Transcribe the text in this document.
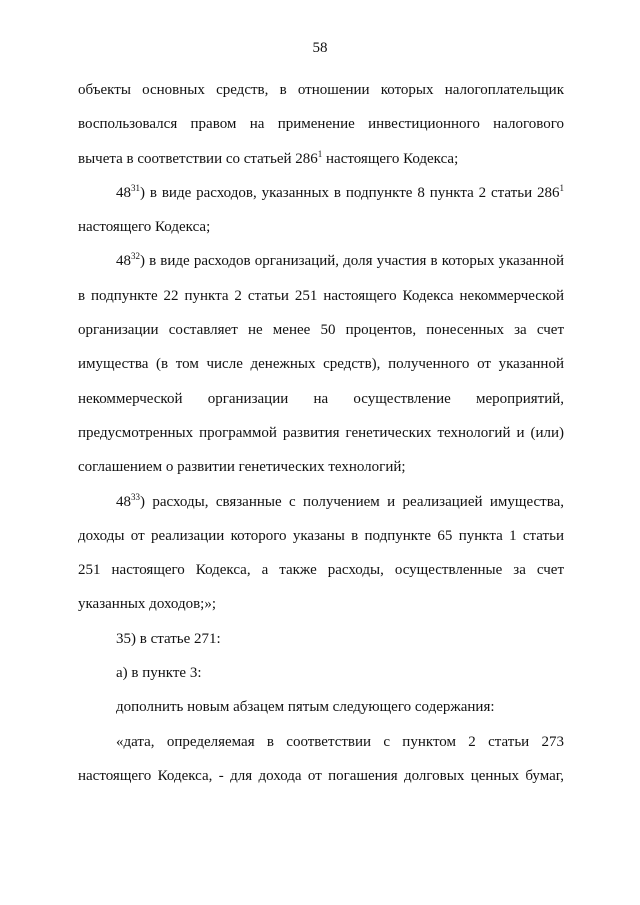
58

объекты основных средств, в отношении которых налогоплательщик воспользовался правом на применение инвестиционного налогового вычета в соответствии со статьей $286^1$ настоящего Кодекса;

$48^{31}$) в виде расходов, указанных в подпункте 8 пункта 2 статьи $286^1$ настоящего Кодекса;

$48^{32}$) в виде расходов организаций, доля участия в которых указанной в подпункте 22 пункта 2 статьи 251 настоящего Кодекса некоммерческой организации составляет не менее 50 процентов, понесенных за счет имущества (в том числе денежных средств), полученного от указанной некоммерческой организации на осуществление мероприятий, предусмотренных программой развития генетических технологий и (или) соглашением о развитии генетических технологий;

$48^{33}$) расходы, связанные с получением и реализацией имущества, доходы от реализации которого указаны в подпункте 65 пункта 1 статьи 251 настоящего Кодекса, а также расходы, осуществленные за счет указанных доходов;»;

35) в статье 271:

а) в пункте 3:

дополнить новым абзацем пятым следующего содержания:

«дата, определяемая в соответствии с пунктом 2 статьи 273 настоящего Кодекса, - для дохода от погашения долговых ценных бумаг,
